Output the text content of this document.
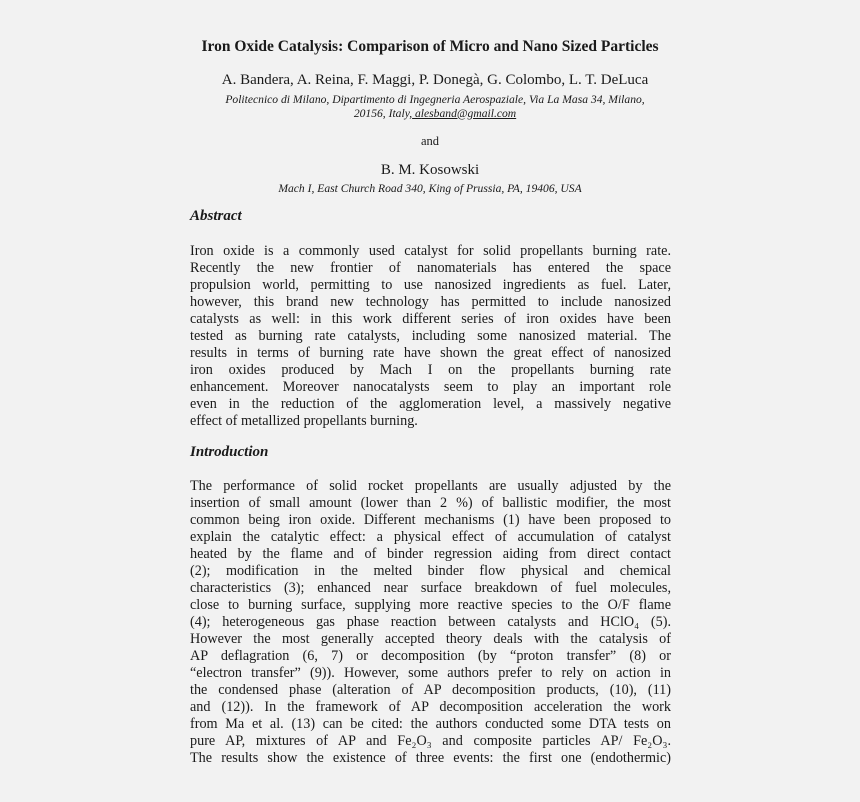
Iron Oxide Catalysis: Comparison of Micro and Nano Sized Particles
A. Bandera, A. Reina, F. Maggi, P. Donegà, G. Colombo, L. T. DeLuca
Politecnico di Milano, Dipartimento di Ingegneria Aerospaziale, Via La Masa 34, Milano,
20156, Italy, alesband@gmail.com
and
B. M. Kosowski
Mach I, East Church Road 340, King of Prussia, PA, 19406, USA
Abstract
Iron oxide is a commonly used catalyst for solid propellants burning rate.
Recently the new frontier of nanomaterials has entered the space
propulsion world, permitting to use nanosized ingredients as fuel. Later,
however, this brand new technology has permitted to include nanosized
catalysts as well: in this work different series of iron oxides have been
tested as burning rate catalysts, including some nanosized material. The
results in terms of burning rate have shown the great effect of nanosized
iron oxides produced by Mach I on the propellants burning rate
enhancement. Moreover nanocatalysts seem to play an important role
even in the reduction of the agglomeration level, a massively negative
effect of metallized propellants burning.
Introduction
The performance of solid rocket propellants are usually adjusted by the
insertion of small amount (lower than 2 %) of ballistic modifier, the most
common being iron oxide. Different mechanisms (1) have been proposed to
explain the catalytic effect: a physical effect of accumulation of catalyst
heated by the flame and of binder regression aiding from direct contact
(2); modification in the melted binder flow physical and chemical
characteristics (3); enhanced near surface breakdown of fuel molecules,
close to burning surface, supplying more reactive species to the O/F flame
(4); heterogeneous gas phase reaction between catalysts and HClO₄ (5).
However the most generally accepted theory deals with the catalysis of
AP deflagration (6, 7) or decomposition (by “proton transfer” (8) or
“electron transfer” (9)). However, some authors prefer to rely on action in
the condensed phase (alteration of AP decomposition products, (10), (11)
and (12)). In the framework of AP decomposition acceleration the work
from Ma et al. (13) can be cited: the authors conducted some DTA tests on
pure AP, mixtures of AP and Fe₂O₃ and composite particles AP/ Fe₂O₃.
The results show the existence of three events: the first one (endothermic)
